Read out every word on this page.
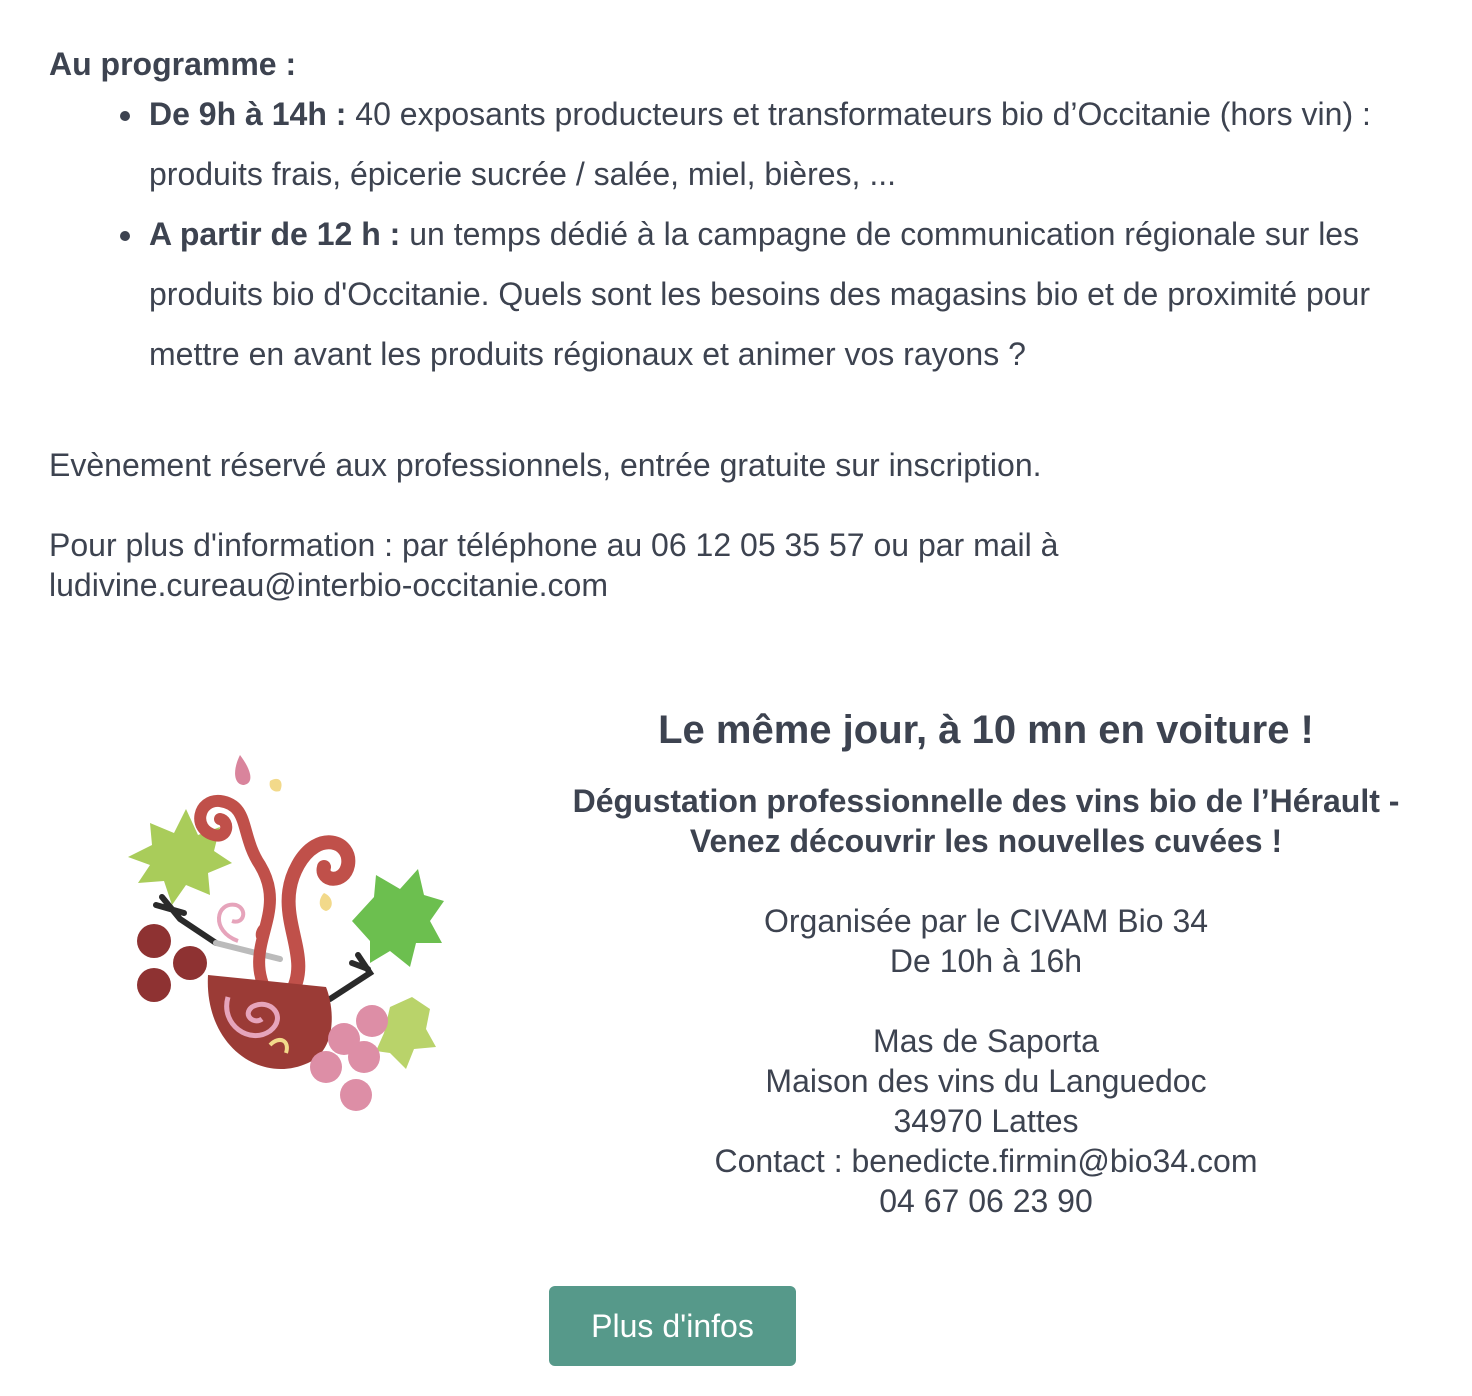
Au programme :
De 9h à 14h : 40 exposants producteurs et transformateurs bio d’Occitanie (hors vin) : produits frais, épicerie sucrée / salée, miel, bières, ...
A partir de 12 h : un temps dédié à la campagne de communication régionale sur les produits bio d'Occitanie. Quels sont les besoins des magasins bio et de proximité pour mettre en avant les produits régionaux et animer vos rayons ?

Evènement réservé aux professionnels, entrée gratuite sur inscription.

Pour plus d'information : par téléphone au 06 12 05 35 57 ou par mail à ludivine.cureau@interbio-occitanie.com

Le même jour, à 10 mn en voiture !
Dégustation professionnelle des vins bio de l’Hérault - Venez découvrir les nouvelles cuvées !

Organisée par le CIVAM Bio 34
De 10h à 16h
Mas de Saporta
Maison des vins du Languedoc
34970 Lattes
Contact : benedicte.firmin@bio34.com
04 67 06 23 90

Plus d'infos
